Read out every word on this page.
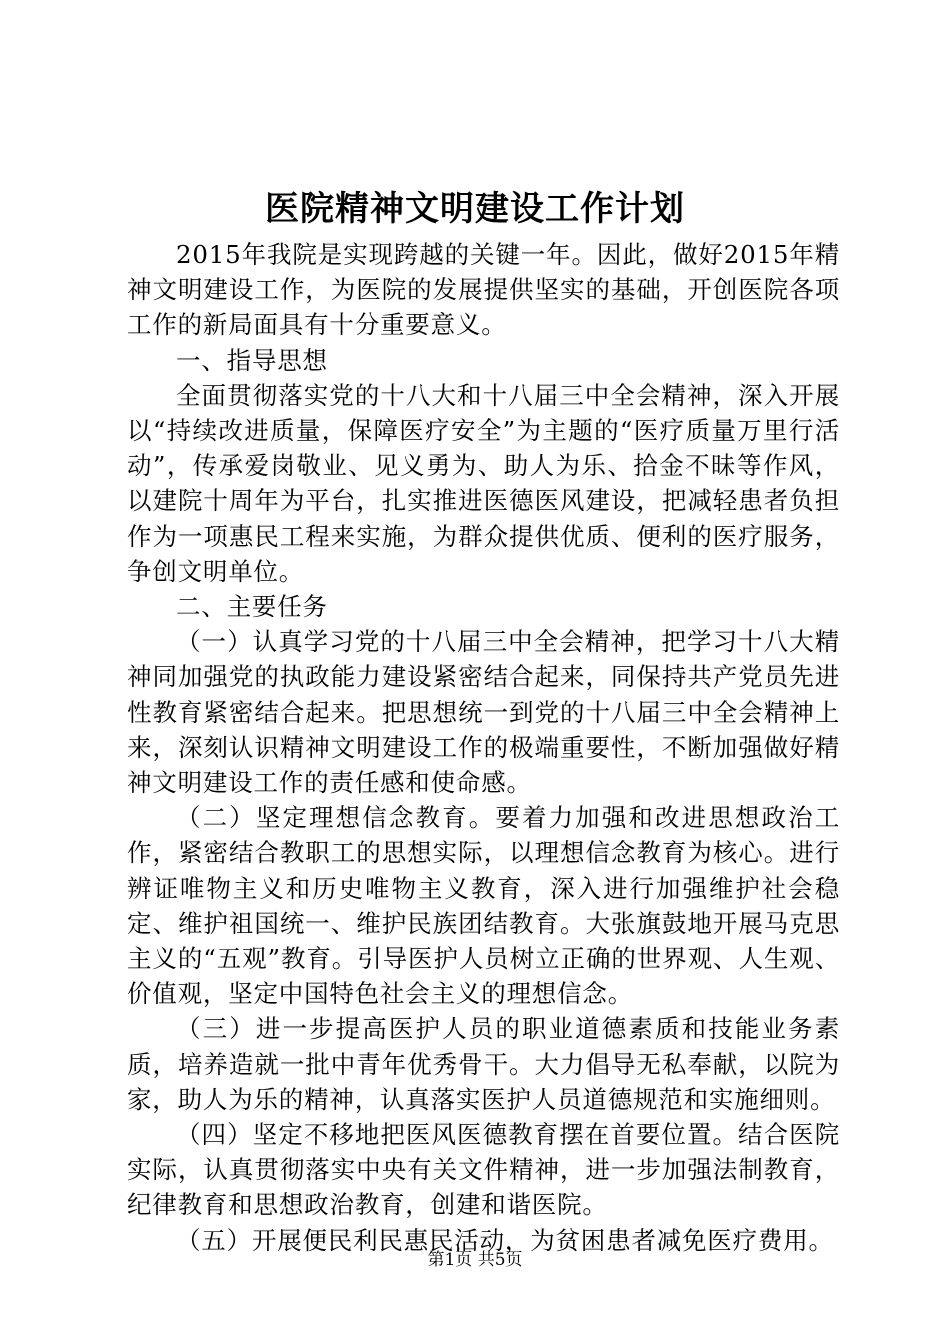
医院精神文明建设工作计划

2015年我院是实现跨越的关键一年。因此，做好2015年精神文明建设工作，为医院的发展提供坚实的基础，开创医院各项工作的新局面具有十分重要意义。

一、指导思想

全面贯彻落实党的十八大和十八届三中全会精神，深入开展以“持续改进质量，保障医疗安全”为主题的“医疗质量万里行活动”，传承爱岗敬业、见义勇为、助人为乐、拾金不昧等作风，以建院十周年为平台，扎实推进医德医风建设，把减轻患者负担作为一项惠民工程来实施，为群众提供优质、便利的医疗服务，争创文明单位。

二、主要任务

（一）认真学习党的十八届三中全会精神，把学习十八大精神同加强党的执政能力建设紧密结合起来，同保持共产党员先进性教育紧密结合起来。把思想统一到党的十八届三中全会精神上来，深刻认识精神文明建设工作的极端重要性，不断加强做好精神文明建设工作的责任感和使命感。

（二）坚定理想信念教育。要着力加强和改进思想政治工作，紧密结合教职工的思想实际，以理想信念教育为核心。进行辨证唯物主义和历史唯物主义教育，深入进行加强维护社会稳定、维护祖国统一、维护民族团结教育。大张旗鼓地开展马克思主义的“五观”教育。引导医护人员树立正确的世界观、人生观、价值观，坚定中国特色社会主义的理想信念。

（三）进一步提高医护人员的职业道德素质和技能业务素质，培养造就一批中青年优秀骨干。大力倡导无私奉献，以院为家，助人为乐的精神，认真落实医护人员道德规范和实施细则。

（四）坚定不移地把医风医德教育摆在首要位置。结合医院实际，认真贯彻落实中央有关文件精神，进一步加强法制教育，纪律教育和思想政治教育，创建和谐医院。

（五）开展便民利民惠民活动，为贫困患者减免医疗费用。

第1页 共5页
